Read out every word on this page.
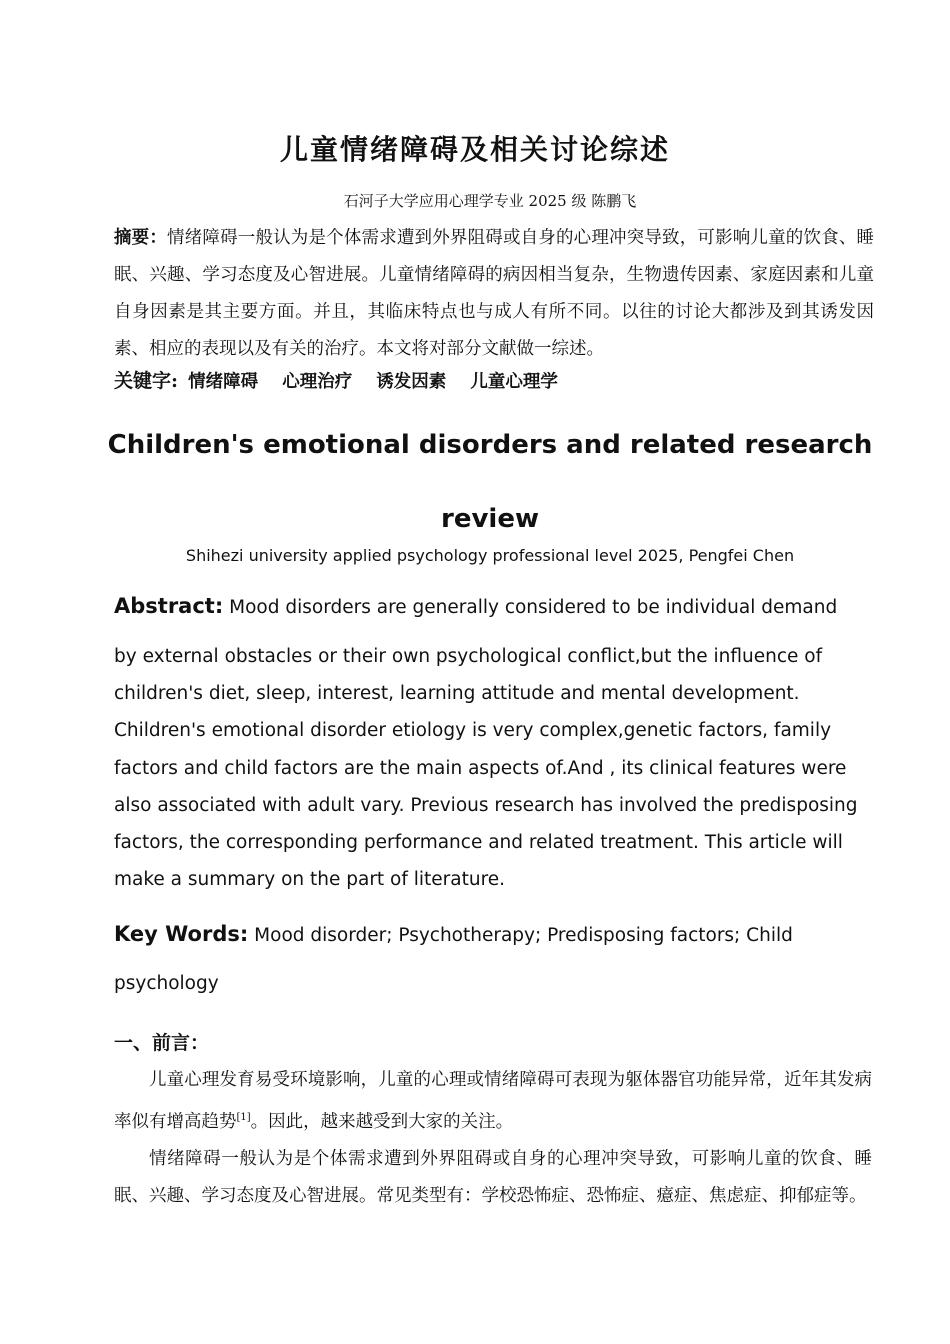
儿童情绪障碍及相关讨论综述
石河子大学应用心理学专业 2025 级 陈鹏飞
摘要：情绪障碍一般认为是个体需求遭到外界阻碍或自身的心理冲突导致，可影响儿童的饮食、睡眠、兴趣、学习态度及心智进展。儿童情绪障碍的病因相当复杂，生物遗传因素、家庭因素和儿童自身因素是其主要方面。并且，其临床特点也与成人有所不同。以往的讨论大都涉及到其诱发因素、相应的表现以及有关的治疗。本文将对部分文献做一综述。
关键字: 情绪障碍 心理治疗 诱发因素 儿童心理学
Children's emotional disorders and related research review
Shihezi university applied psychology professional level 2025, Pengfei Chen
Abstract: Mood disorders are generally considered to be individual demand
by external obstacles or their own psychological conflict,but the influence of children's diet, sleep, interest, learning attitude and mental development. Children's emotional disorder etiology is very complex,genetic factors, family factors and child factors are the main aspects of.And , its clinical features were also associated with adult vary. Previous research has involved the predisposing factors, the corresponding performance and related treatment. This article will make a summary on the part of literature.
Key Words: Mood disorder; Psychotherapy; Predisposing factors; Child psychology
一、前言：

儿童心理发育易受环境影响，儿童的心理或情绪障碍可表现为躯体器官功能异常，近年其发病率似有增高趋势[1]。因此，越来越受到大家的关注。

情绪障碍一般认为是个体需求遭到外界阻碍或自身的心理冲突导致，可影响儿童的饮食、睡眠、兴趣、学习态度及心智进展。常见类型有：学校恐怖症、恐怖症、癔症、焦虑症、抑郁症等。
